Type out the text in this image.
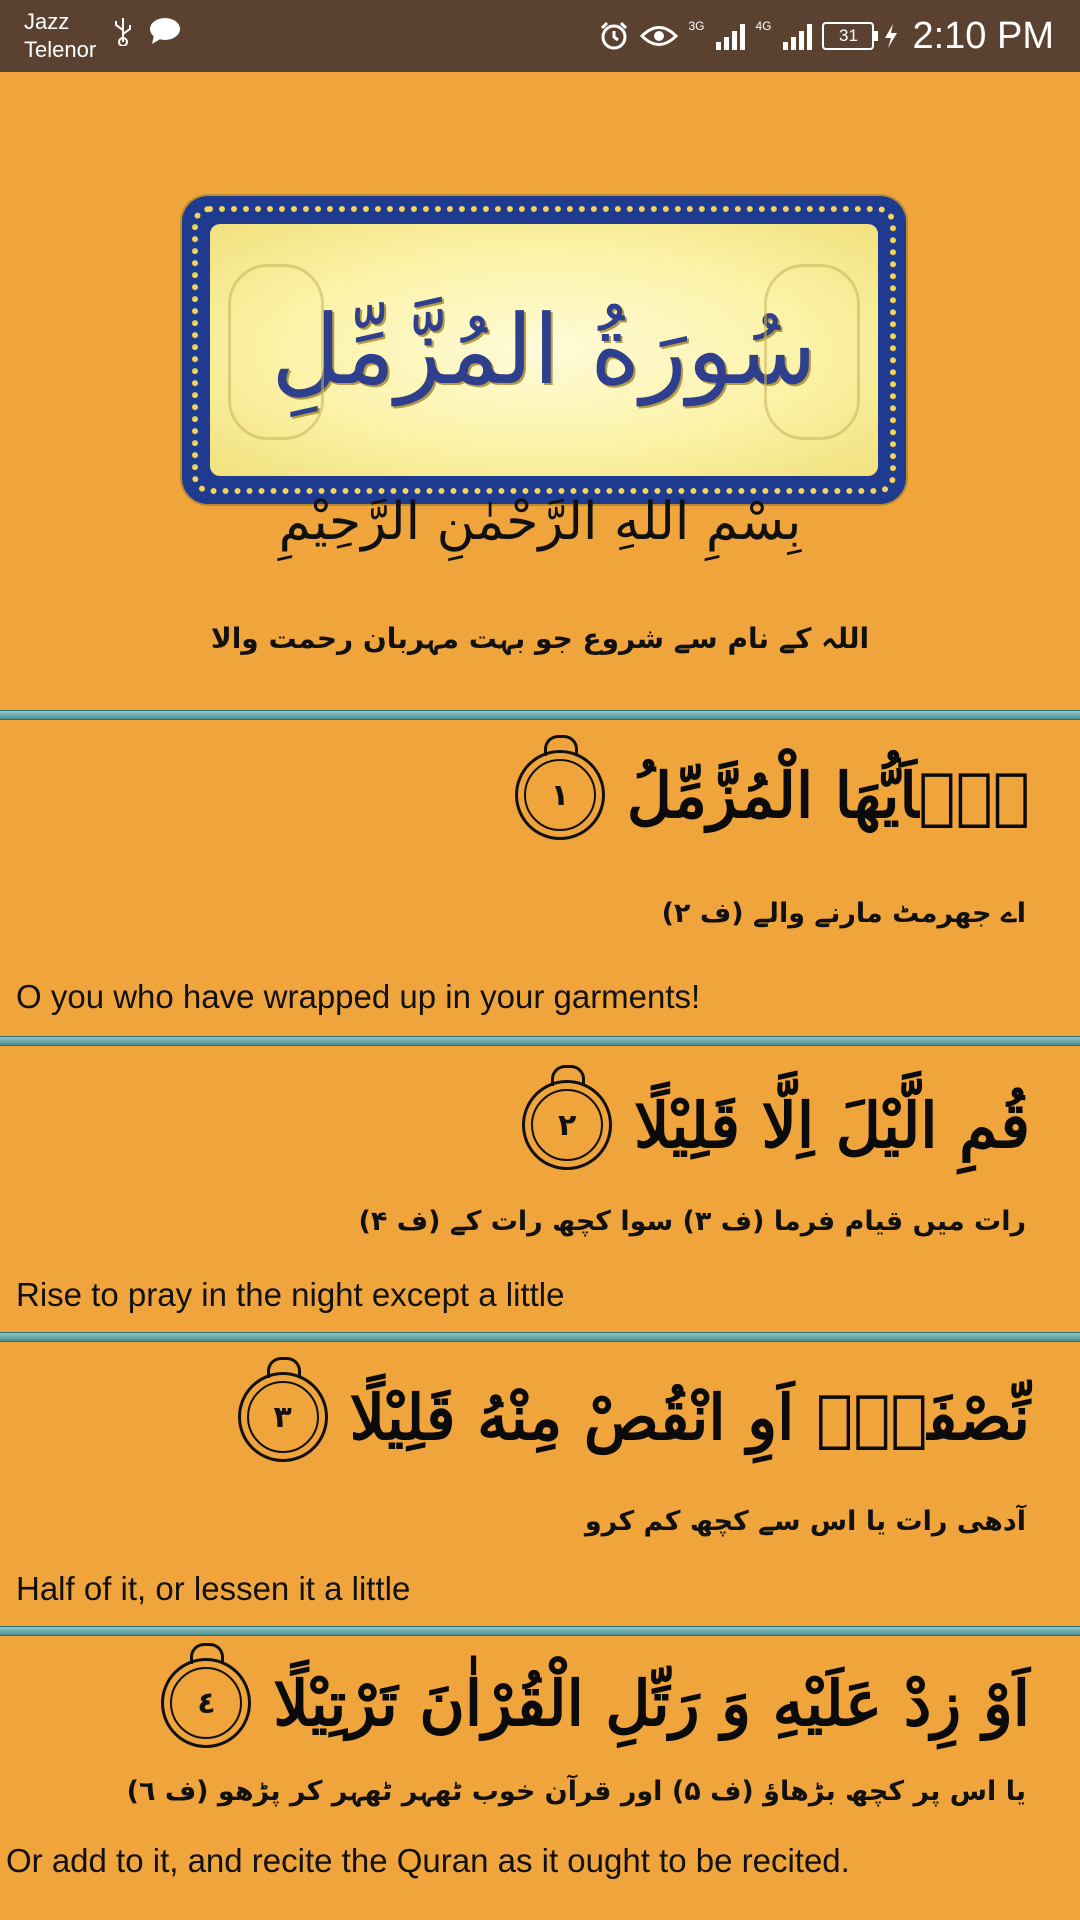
Jazz
Telenor
3G	4G	31	2:10 PM
سُورَةُ المُزَّمِّلِ
بِسْمِ اللهِ الرَّحْمٰنِ الرَّحِیْمِ
اللہ کے نام سے شروع جو بہت مہربان رحمت والا
یٰۤاَیُّهَا الْمُزَّمِّلُ
١
اے جھرمٹ مارنے والے (ف ۲)
O you who have wrapped up in your garments!
قُمِ الَّیْلَ اِلَّا قَلِیْلًا
٢
رات میں قیام فرما (ف ۳) سوا کچھ رات کے (ف ۴)
Rise to pray in the night except a little
نِّصْفَهٗۤ اَوِ انْقُصْ مِنْهُ قَلِیْلًا
٣
آدھی رات یا اس سے کچھ کم کرو
Half of it, or lessen it a little
اَوْ زِدْ عَلَیْهِ وَ رَتِّلِ الْقُرْاٰنَ تَرْتِیْلًا
٤
یا اس پر کچھ بڑھاؤ (ف ۵) اور قرآن خوب ٹھہر ٹھہر کر پڑھو (ف ٦)
Or add to it, and recite the Quran as it ought to be recited.
